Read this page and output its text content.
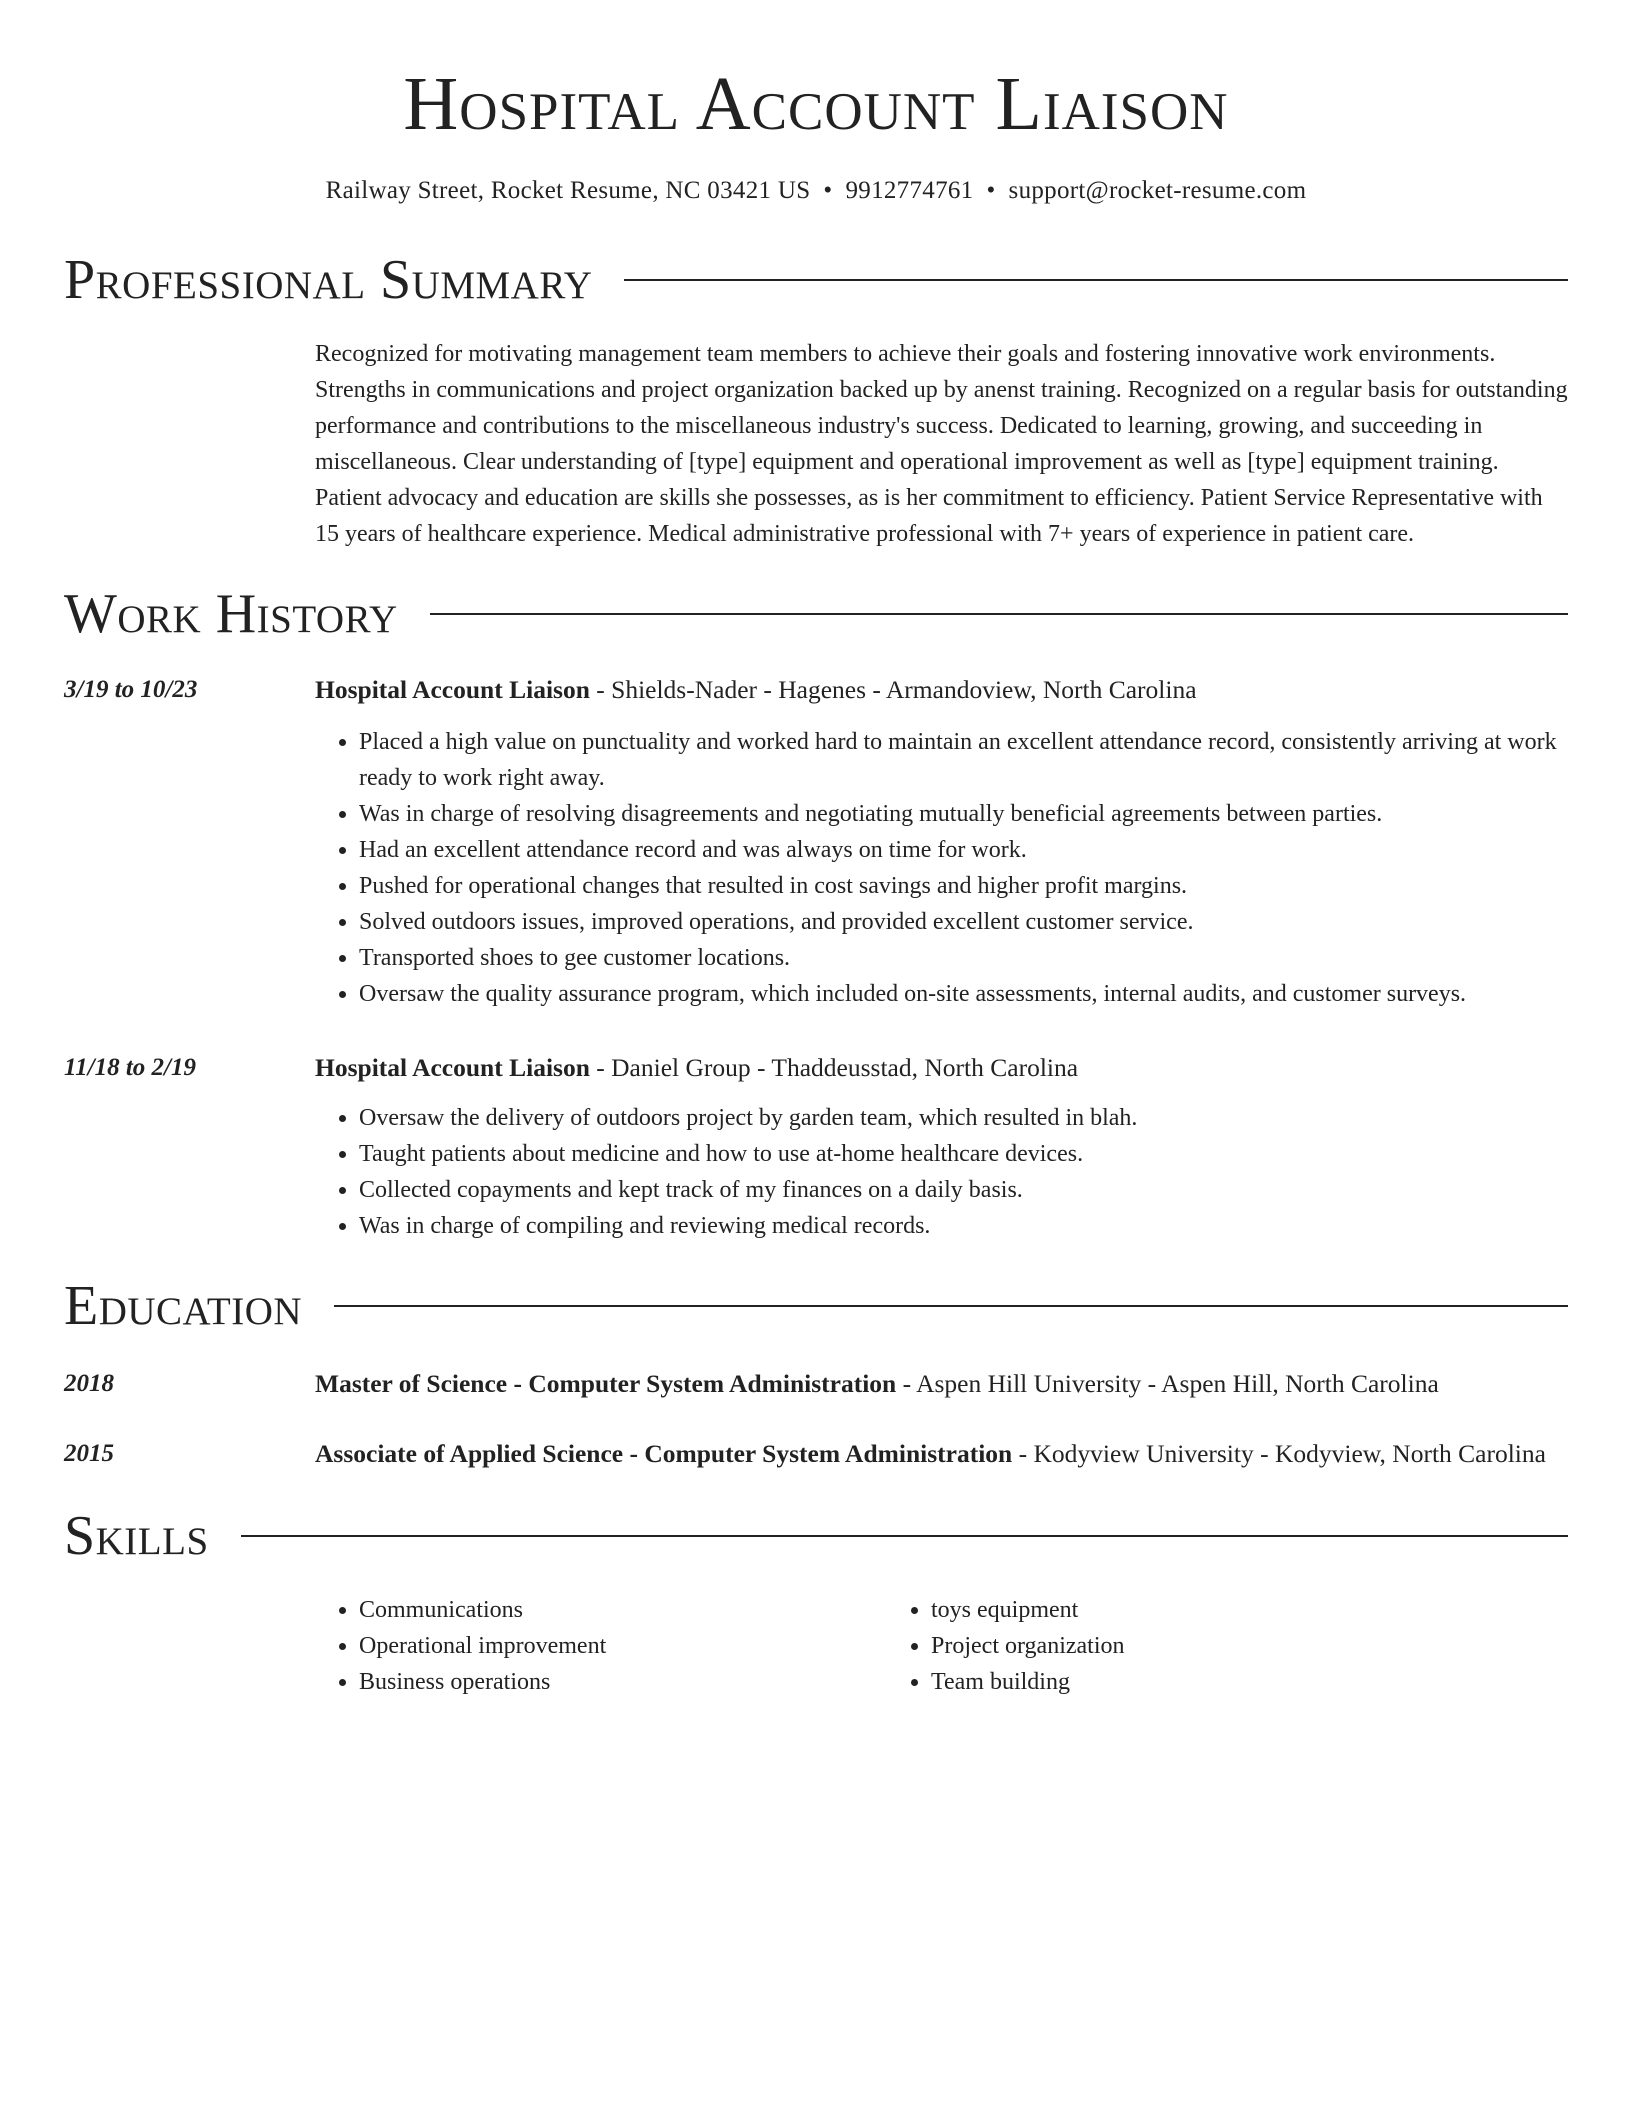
Hospital Account Liaison
Railway Street, Rocket Resume, NC 03421 US • 9912774761 • support@rocket-resume.com
Professional Summary
Recognized for motivating management team members to achieve their goals and fostering innovative work environments. Strengths in communications and project organization backed up by anenst training. Recognized on a regular basis for outstanding performance and contributions to the miscellaneous industry's success. Dedicated to learning, growing, and succeeding in miscellaneous. Clear understanding of [type] equipment and operational improvement as well as [type] equipment training. Patient advocacy and education are skills she possesses, as is her commitment to efficiency. Patient Service Representative with 15 years of healthcare experience. Medical administrative professional with 7+ years of experience in patient care.
Work History
3/19 to 10/23	Hospital Account Liaison - Shields-Nader - Hagenes - Armandoview, North Carolina
• Placed a high value on punctuality and worked hard to maintain an excellent attendance record, consistently arriving at work ready to work right away.
• Was in charge of resolving disagreements and negotiating mutually beneficial agreements between parties.
• Had an excellent attendance record and was always on time for work.
• Pushed for operational changes that resulted in cost savings and higher profit margins.
• Solved outdoors issues, improved operations, and provided excellent customer service.
• Transported shoes to gee customer locations.
• Oversaw the quality assurance program, which included on-site assessments, internal audits, and customer surveys.
11/18 to 2/19	Hospital Account Liaison - Daniel Group - Thaddeusstad, North Carolina
• Oversaw the delivery of outdoors project by garden team, which resulted in blah.
• Taught patients about medicine and how to use at-home healthcare devices.
• Collected copayments and kept track of my finances on a daily basis.
• Was in charge of compiling and reviewing medical records.
Education
2018	Master of Science - Computer System Administration - Aspen Hill University - Aspen Hill, North Carolina
2015	Associate of Applied Science - Computer System Administration - Kodyview University - Kodyview, North Carolina
Skills
• Communications
• Operational improvement
• Business operations
• toys equipment
• Project organization
• Team building
